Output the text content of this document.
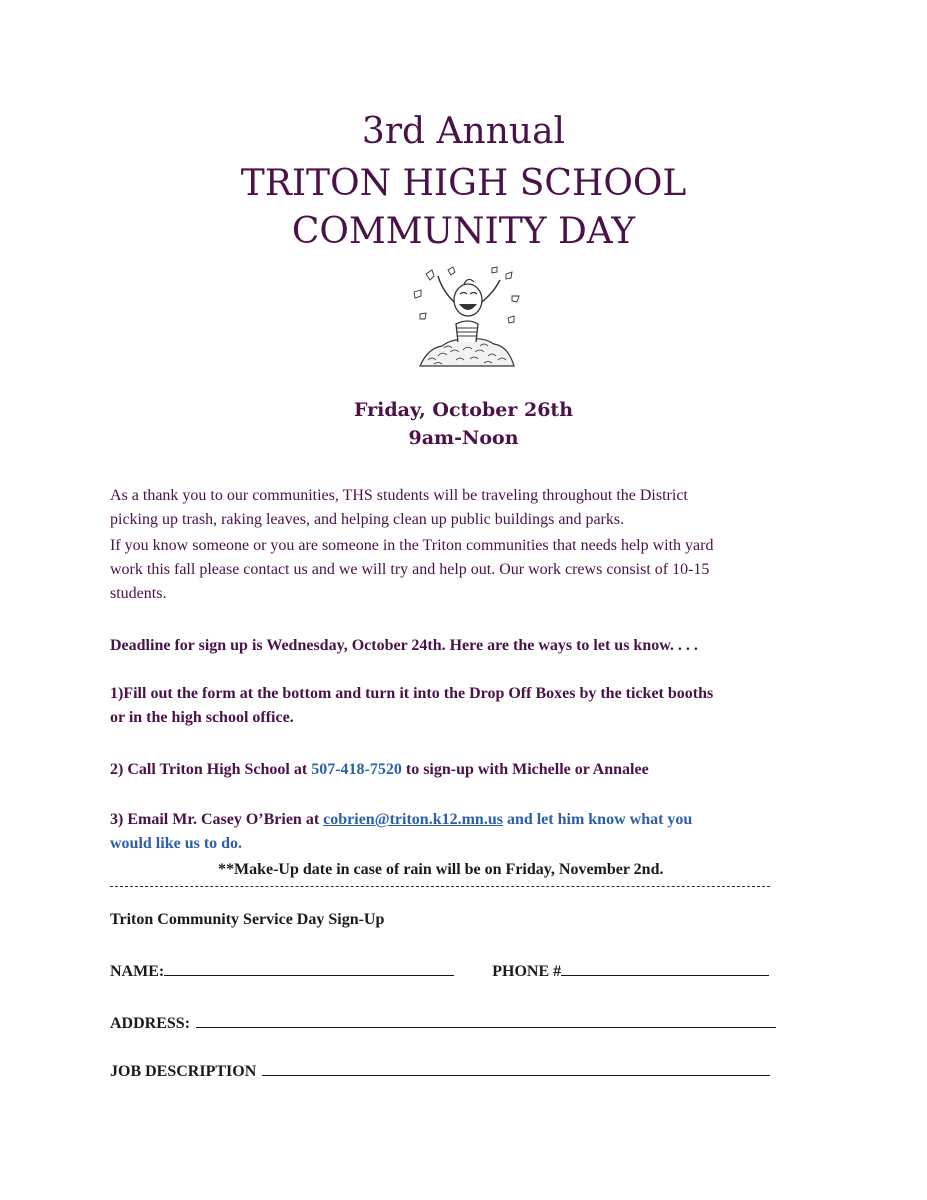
3rd Annual
TRITON HIGH SCHOOL
COMMUNITY DAY
Friday, October 26th
9am-Noon
As a thank you to our communities, THS students will be traveling throughout the District
picking up trash, raking leaves, and helping clean up public buildings and parks.
If you know someone or you are someone in the Triton communities that needs help with yard
work this fall please contact us and we will try and help out. Our work crews consist of 10-15
students.
Deadline for sign up is Wednesday, October 24th. Here are the ways to let us know. . . .
1)Fill out the form at the bottom and turn it into the Drop Off Boxes by the ticket booths
or in the high school office.
2) Call Triton High School at 507-418-7520 to sign-up with Michelle or Annalee
3) Email Mr. Casey O’Brien at cobrien@triton.k12.mn.us and let him know what you
would like us to do.
**Make-Up date in case of rain will be on Friday, November 2nd.
Triton Community Service Day Sign-Up
NAME:	PHONE #
ADDRESS:
JOB DESCRIPTION
